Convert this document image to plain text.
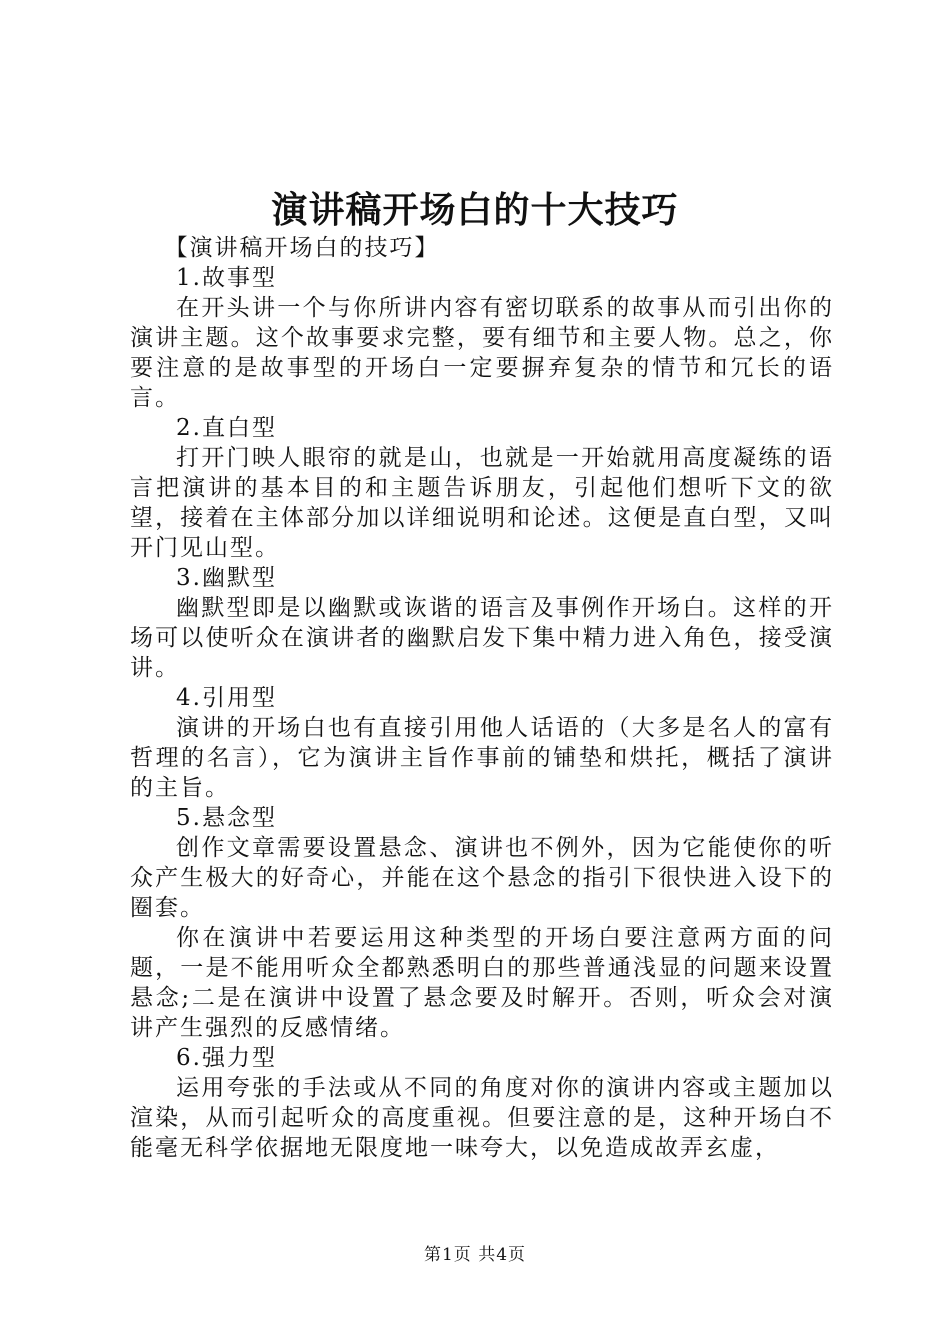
演讲稿开场白的十大技巧

【演讲稿开场白的技巧】

1.故事型

在开头讲一个与你所讲内容有密切联系的故事从而引出你的演讲主题。这个故事要求完整，要有细节和主要人物。总之，你要注意的是故事型的开场白一定要摒弃复杂的情节和冗长的语言。

2.直白型

打开门映人眼帘的就是山，也就是一开始就用高度凝练的语言把演讲的基本目的和主题告诉朋友，引起他们想听下文的欲望，接着在主体部分加以详细说明和论述。这便是直白型，又叫开门见山型。

3.幽默型

幽默型即是以幽默或诙谐的语言及事例作开场白。这样的开场可以使听众在演讲者的幽默启发下集中精力进入角色，接受演讲。

4.引用型

演讲的开场白也有直接引用他人话语的（大多是名人的富有哲理的名言），它为演讲主旨作事前的铺垫和烘托，概括了演讲的主旨。

5.悬念型

创作文章需要设置悬念、演讲也不例外，因为它能使你的听众产生极大的好奇心，并能在这个悬念的指引下很快进入设下的圈套。

你在演讲中若要运用这种类型的开场白要注意两方面的问题，一是不能用听众全都熟悉明白的那些普通浅显的问题来设置悬念;二是在演讲中设置了悬念要及时解开。否则，听众会对演讲产生强烈的反感情绪。

6.强力型

运用夸张的手法或从不同的角度对你的演讲内容或主题加以渲染，从而引起听众的高度重视。但要注意的是，这种开场白不能毫无科学依据地无限度地一味夸大，以免造成故弄玄虚，

第1页 共4页
